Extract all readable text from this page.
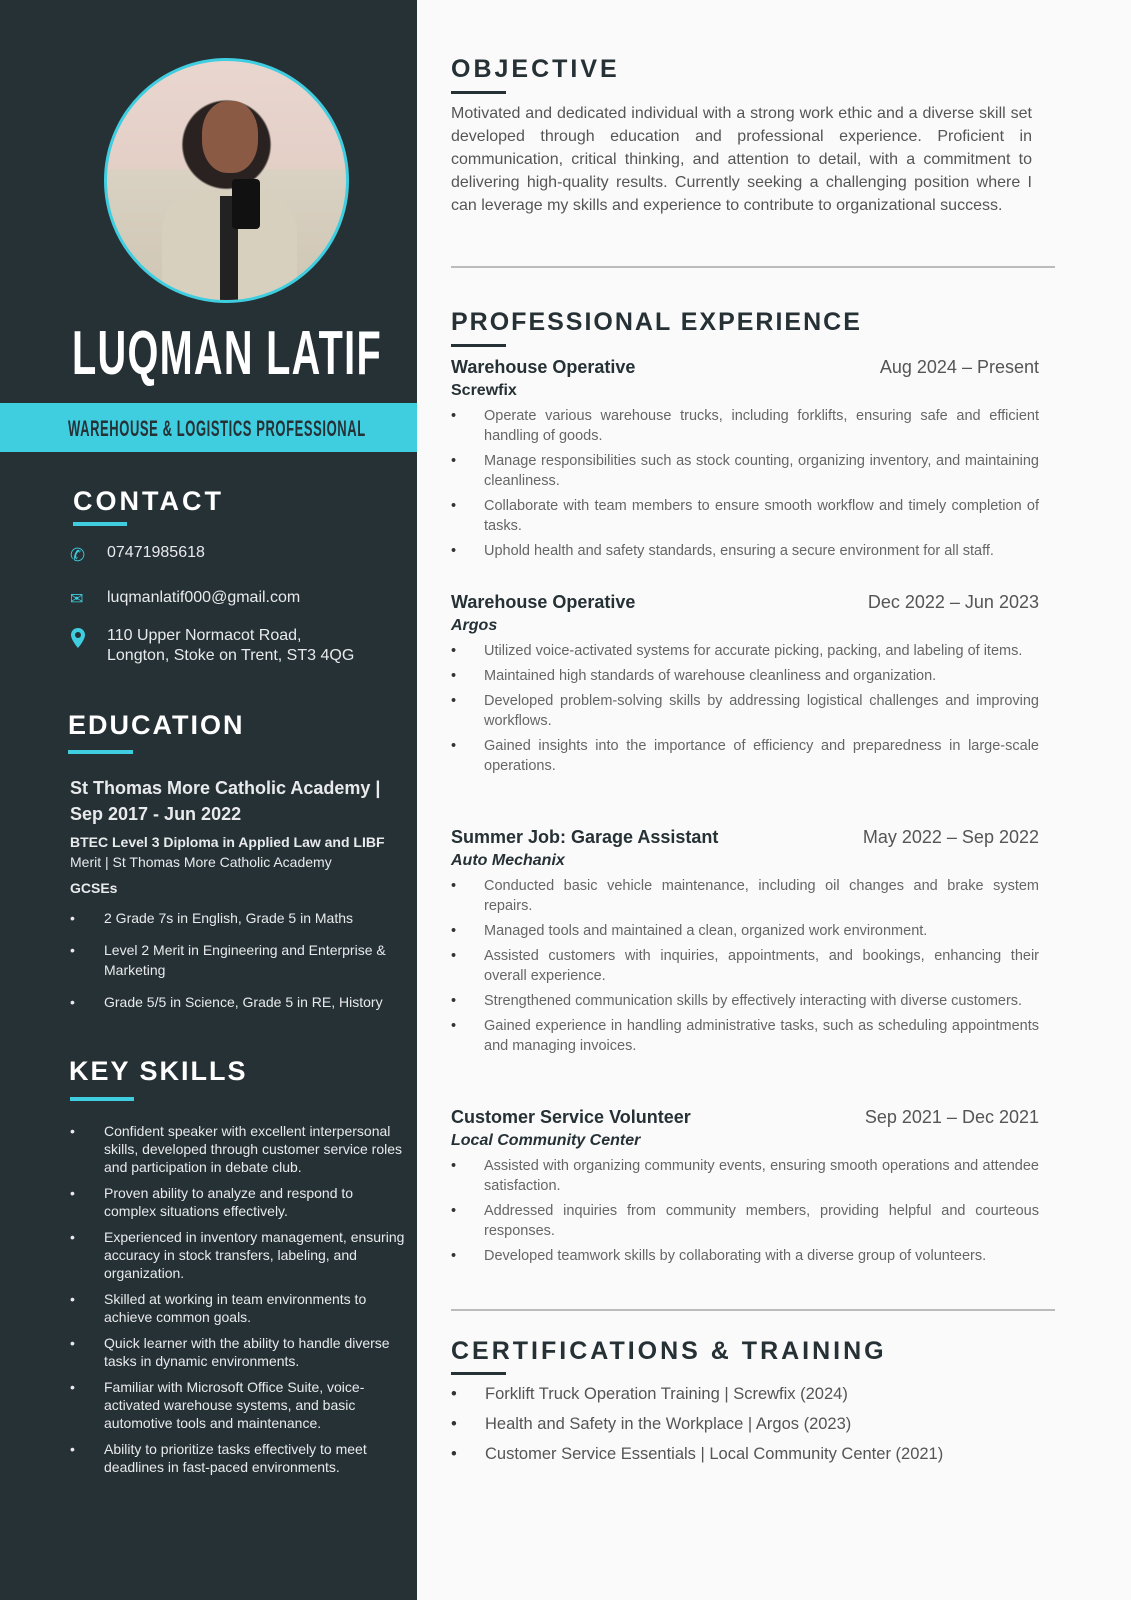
LUQMAN LATIF
WAREHOUSE & LOGISTICS PROFESSIONAL
CONTACT
✆ 07471985618
✉ luqmanlatif000@gmail.com
110 Upper Normacot Road,
Longton, Stoke on Trent, ST3 4QG
EDUCATION
St Thomas More Catholic Academy |
Sep 2017 - Jun 2022
BTEC Level 3 Diploma in Applied Law and LIBF
Merit | St Thomas More Catholic Academy
GCSEs
• 2 Grade 7s in English, Grade 5 in Maths
• Level 2 Merit in Engineering and Enterprise & Marketing
• Grade 5/5 in Science, Grade 5 in RE, History
KEY SKILLS
• Confident speaker with excellent interpersonal skills, developed through customer service roles and participation in debate club.
• Proven ability to analyze and respond to complex situations effectively.
• Experienced in inventory management, ensuring accuracy in stock transfers, labeling, and organization.
• Skilled at working in team environments to achieve common goals.
• Quick learner with the ability to handle diverse tasks in dynamic environments.
• Familiar with Microsoft Office Suite, voice-activated warehouse systems, and basic automotive tools and maintenance.
• Ability to prioritize tasks effectively to meet deadlines in fast-paced environments.
OBJECTIVE
Motivated and dedicated individual with a strong work ethic and a diverse skill set developed through education and professional experience. Proficient in communication, critical thinking, and attention to detail, with a commitment to delivering high-quality results. Currently seeking a challenging position where I can leverage my skills and experience to contribute to organizational success.
PROFESSIONAL EXPERIENCE
Warehouse Operative	Aug 2024 – Present
Screwfix
• Operate various warehouse trucks, including forklifts, ensuring safe and efficient handling of goods.
• Manage responsibilities such as stock counting, organizing inventory, and maintaining cleanliness.
• Collaborate with team members to ensure smooth workflow and timely completion of tasks.
• Uphold health and safety standards, ensuring a secure environment for all staff.
Warehouse Operative	Dec 2022 – Jun 2023
Argos
• Utilized voice-activated systems for accurate picking, packing, and labeling of items.
• Maintained high standards of warehouse cleanliness and organization.
• Developed problem-solving skills by addressing logistical challenges and improving workflows.
• Gained insights into the importance of efficiency and preparedness in large-scale operations.
Summer Job: Garage Assistant	May 2022 – Sep 2022
Auto Mechanix
• Conducted basic vehicle maintenance, including oil changes and brake system repairs.
• Managed tools and maintained a clean, organized work environment.
• Assisted customers with inquiries, appointments, and bookings, enhancing their overall experience.
• Strengthened communication skills by effectively interacting with diverse customers.
• Gained experience in handling administrative tasks, such as scheduling appointments and managing invoices.
Customer Service Volunteer	Sep 2021 – Dec 2021
Local Community Center
• Assisted with organizing community events, ensuring smooth operations and attendee satisfaction.
• Addressed inquiries from community members, providing helpful and courteous responses.
• Developed teamwork skills by collaborating with a diverse group of volunteers.
CERTIFICATIONS & TRAINING
• Forklift Truck Operation Training | Screwfix (2024)
• Health and Safety in the Workplace | Argos (2023)
• Customer Service Essentials | Local Community Center (2021)
